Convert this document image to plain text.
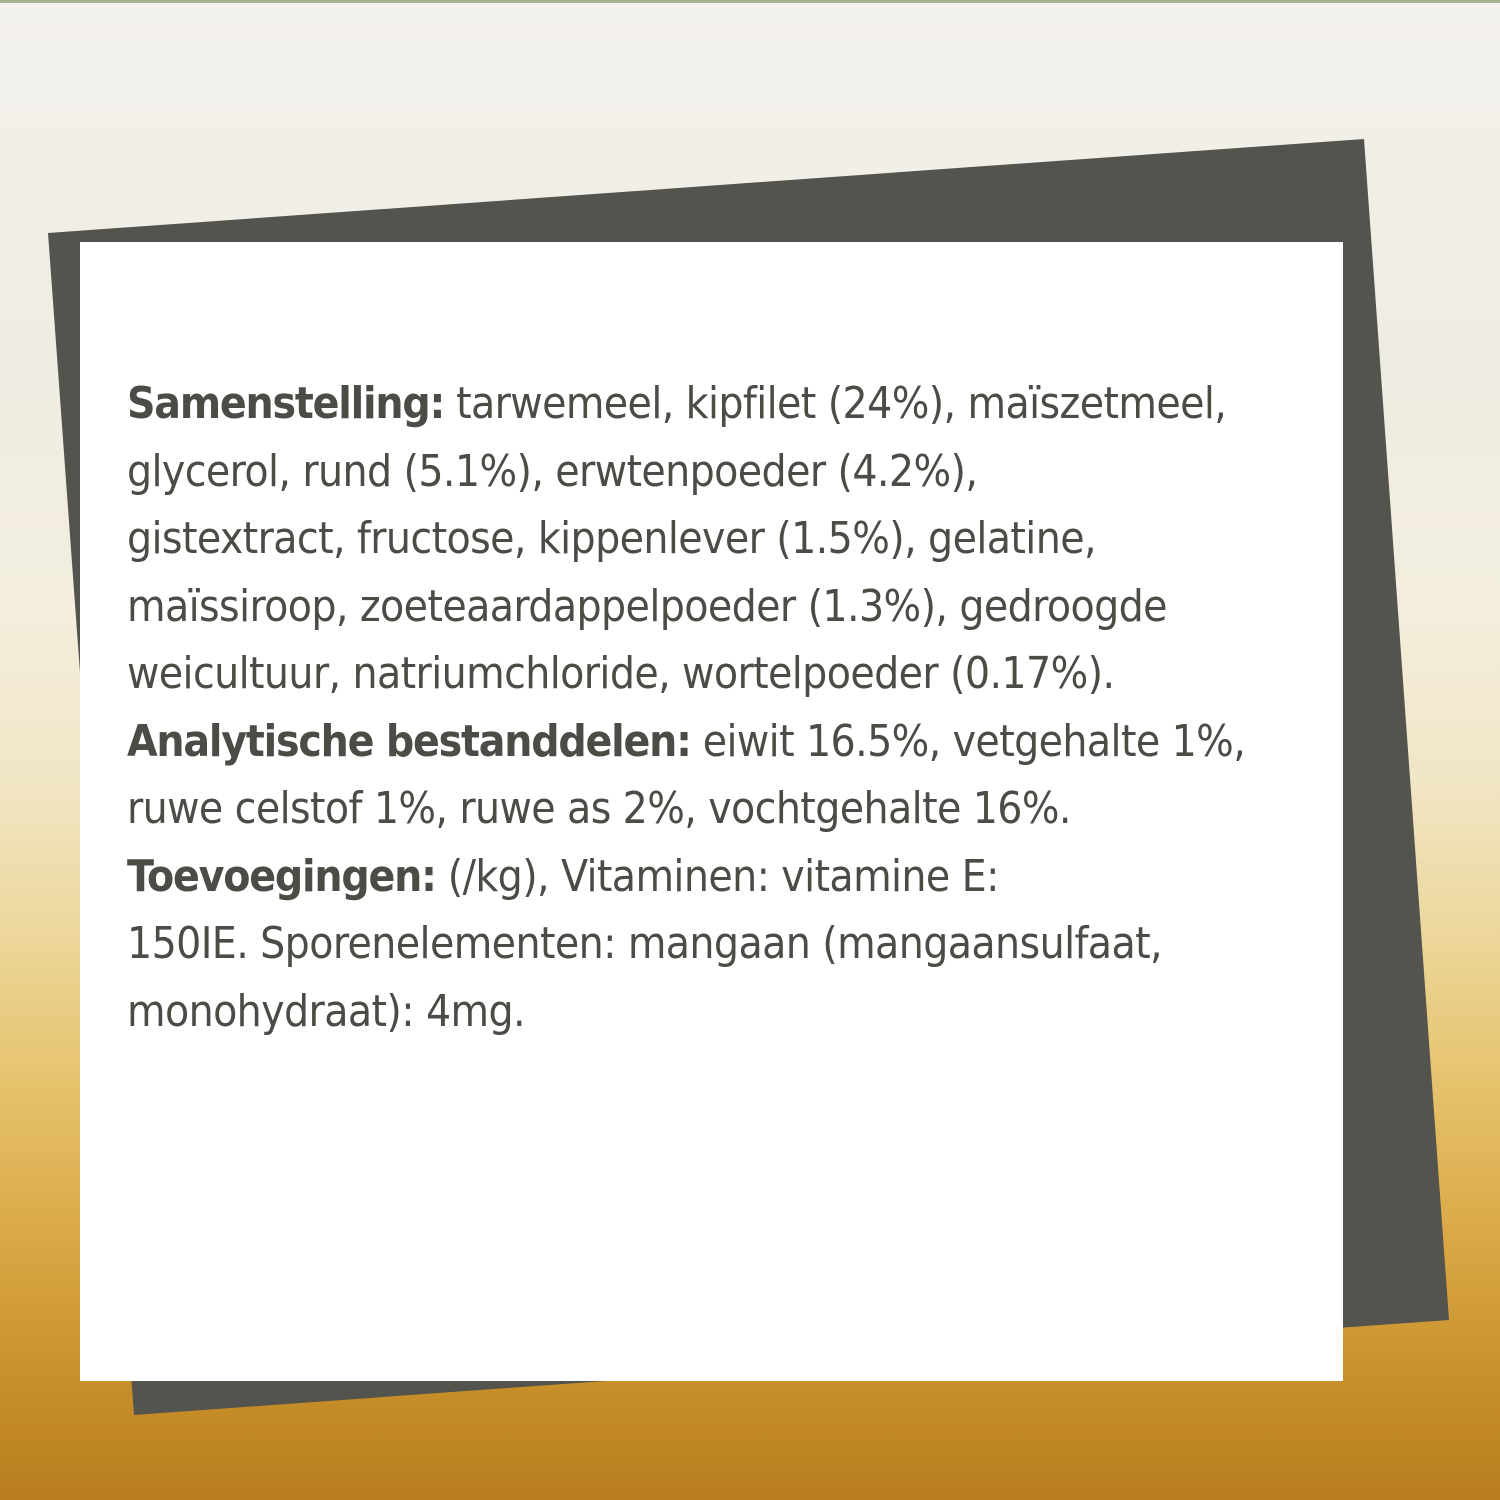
Samenstelling: tarwemeel, kipfilet (24%), maïszetmeel,
glycerol, rund (5.1%), erwtenpoeder (4.2%),
gistextract, fructose, kippenlever (1.5%), gelatine,
maïssiroop, zoeteaardappelpoeder (1.3%), gedroogde
weicultuur, natriumchloride, wortelpoeder (0.17%).

Analytische bestanddelen: eiwit 16.5%, vetgehalte 1%,
ruwe celstof 1%, ruwe as 2%, vochtgehalte 16%.

Toevoegingen: (/kg), Vitaminen: vitamine E:
150IE. Sporenelementen: mangaan (mangaansulfaat,
monohydraat): 4mg.
